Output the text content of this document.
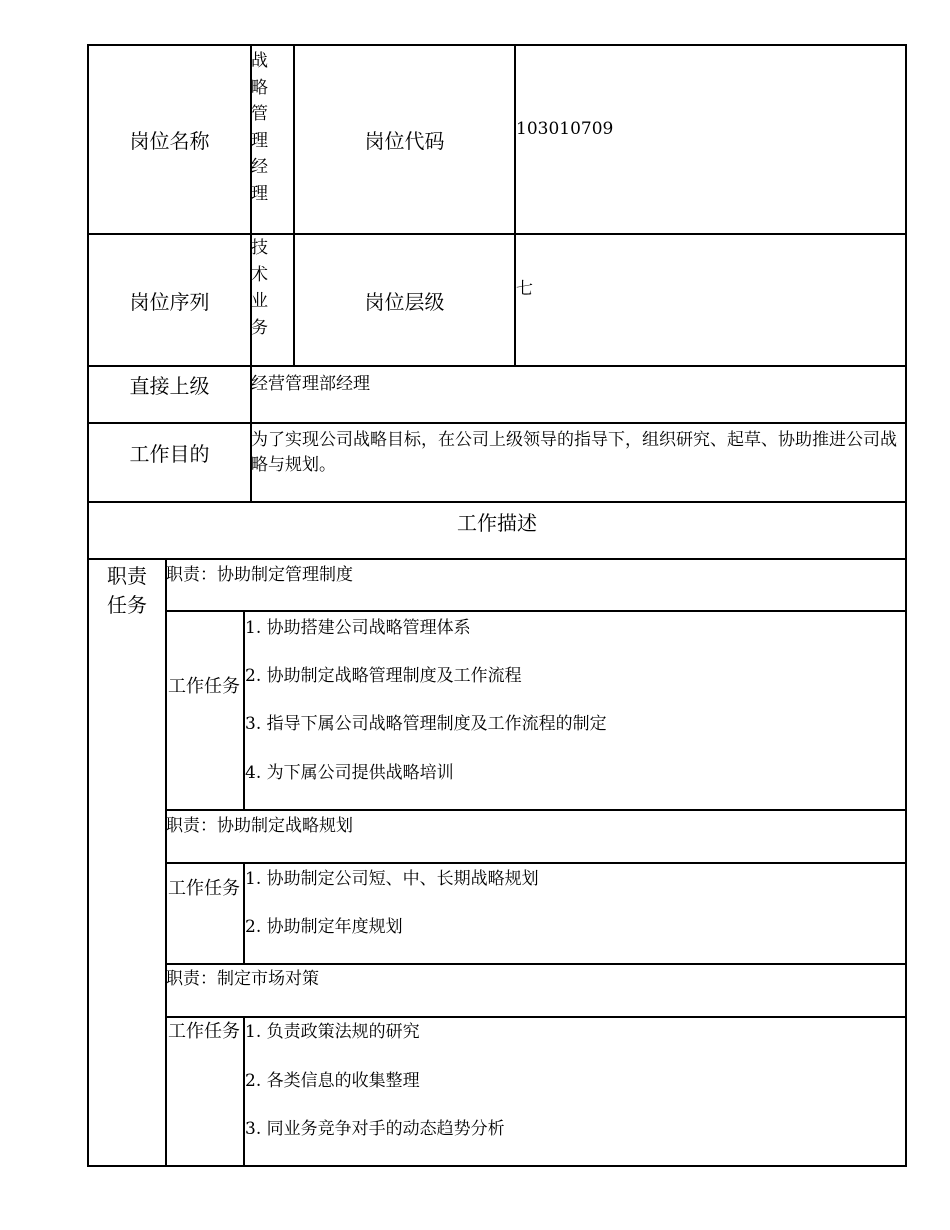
岗位名称
战略管理经理
岗位代码	103010709
岗位序列
技术业务
岗位层级
七
直接上级	经营管理部经理
工作目的
为了实现公司战略目标，在公司上级领导的指导下，组织研究、起草、协助推进公司战略与规划。
工作描述
职责任务
职责：协助制定管理制度
工作任务
1. 协助搭建公司战略管理体系
2. 协助制定战略管理制度及工作流程
3. 指导下属公司战略管理制度及工作流程的制定
4. 为下属公司提供战略培训
职责：协助制定战略规划
工作任务 1. 协助制定公司短、中、长期战略规划
2. 协助制定年度规划
职责：制定市场对策
工作任务 1. 负责政策法规的研究
2. 各类信息的收集整理
3. 同业务竞争对手的动态趋势分析
